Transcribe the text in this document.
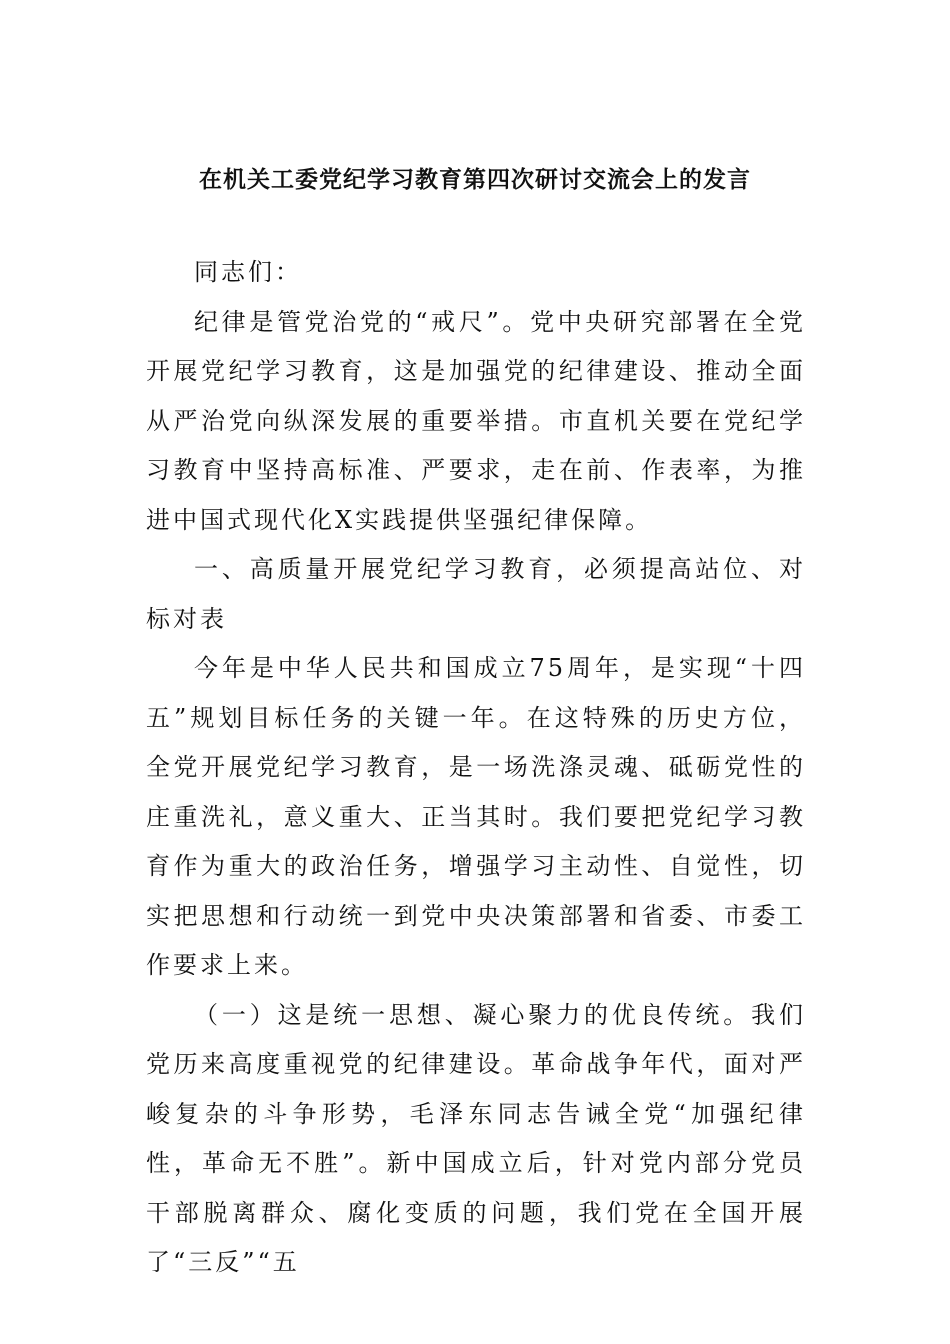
在机关工委党纪学习教育第四次研讨交流会上的发言

同志们：

纪律是管党治党的“戒尺”。党中央研究部署在全党开展党纪学习教育，这是加强党的纪律建设、推动全面从严治党向纵深发展的重要举措。市直机关要在党纪学习教育中坚持高标准、严要求，走在前、作表率，为推进中国式现代化X实践提供坚强纪律保障。

一、高质量开展党纪学习教育，必须提高站位、对标对表

今年是中华人民共和国成立75周年，是实现“十四五”规划目标任务的关键一年。在这特殊的历史方位，全党开展党纪学习教育，是一场洗涤灵魂、砥砺党性的庄重洗礼，意义重大、正当其时。我们要把党纪学习教育作为重大的政治任务，增强学习主动性、自觉性，切实把思想和行动统一到党中央决策部署和省委、市委工作要求上来。

（一）这是统一思想、凝心聚力的优良传统。我们党历来高度重视党的纪律建设。革命战争年代，面对严峻复杂的斗争形势，毛泽东同志告诫全党“加强纪律性，革命无不胜”。新中国成立后，针对党内部分党员干部脱离群众、腐化变质的问题，我们党在全国开展了“三反”“五
